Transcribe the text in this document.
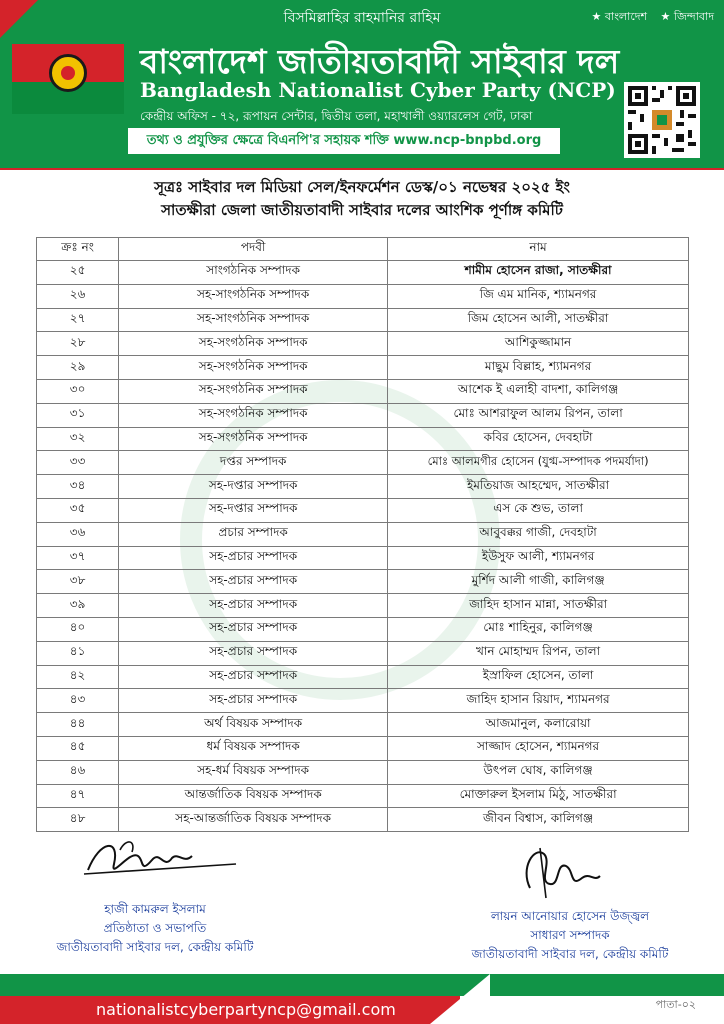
বিসমিল্লাহির রাহমানির রাহিম	★ বাংলাদেশ ★ জিন্দাবাদ
বাংলাদেশ জাতীয়তাবাদী সাইবার দল
Bangladesh Nationalist Cyber Party (NCP)
কেন্দ্রীয় অফিস - ৭২, রূপায়ন সেন্টার, দ্বিতীয় তলা, মহাখালী ওয়্যারলেস গেট, ঢাকা
তথ্য ও প্রযুক্তির ক্ষেত্রে বিএনপি'র সহায়ক শক্তি www.ncp-bnpbd.org
সূত্রঃ সাইবার দল মিডিয়া সেল/ইনফর্মেশন ডেস্ক/০১ নভেম্বর ২০২৫ ইং
সাতক্ষীরা জেলা জাতীয়তাবাদী সাইবার দলের আংশিক পূর্ণাঙ্গ কমিটি
ক্রঃ নং	পদবী	নাম
২৫	সাংগঠনিক সম্পাদক	শামীম হোসেন রাজা, সাতক্ষীরা
২৬	সহ-সাংগঠনিক সম্পাদক	জি এম মানিক, শ্যামনগর
২৭	সহ-সাংগঠনিক সম্পাদক	জিম হোসেন আলী, সাতক্ষীরা
২৮	সহ-সংগঠনিক সম্পাদক	আশিকুজ্জামান
২৯	সহ-সংগঠনিক সম্পাদক	মাছুম বিল্লাহ, শ্যামনগর
৩০	সহ-সংগঠনিক সম্পাদক	আশেক ই এলাহী বাদশা, কালিগঞ্জ
৩১	সহ-সংগঠনিক সম্পাদক	মোঃ আশরাফুল আলম রিপন, তালা
৩২	সহ-সংগঠনিক সম্পাদক	কবির হোসেন, দেবহাটা
৩৩	দপ্তর সম্পাদক	মোঃ আলমগীর হোসেন (যুগ্ম-সম্পাদক পদমর্যাদা)
৩৪	সহ-দপ্তার সম্পাদক	ইমতিয়াজ আহম্মেদ, সাতক্ষীরা
৩৫	সহ-দপ্তার সম্পাদক	এস কে শুভ, তালা
৩৬	প্রচার সম্পাদক	আবুবক্কর গাজী, দেবহাটা
৩৭	সহ-প্রচার সম্পাদক	ইউসুফ আলী, শ্যামনগর
৩৮	সহ-প্রচার সম্পাদক	মুর্শিদ আলী গাজী, কালিগঞ্জ
৩৯	সহ-প্রচার সম্পাদক	জাহিদ হাসান মান্না, সাতক্ষীরা
৪০	সহ-প্রচার সম্পাদক	মোঃ শাহিনুর, কালিগঞ্জ
৪১	সহ-প্রচার সম্পাদক	খান মোহাম্মদ রিপন, তালা
৪২	সহ-প্রচার সম্পাদক	ইস্রাফিল হোসেন, তালা
৪৩	সহ-প্রচার সম্পাদক	জাহিদ হাসান রিয়াদ, শ্যামনগর
৪৪	অর্থ বিষয়ক সম্পাদক	আজমানুল, কলারোয়া
৪৫	ধর্ম বিষয়ক সম্পাদক	সাজ্জাদ হোসেন, শ্যামনগর
৪৬	সহ-ধর্ম বিষয়ক সম্পাদক	উৎপল ঘোষ, কালিগঞ্জ
৪৭	আন্তর্জাতিক বিষয়ক সম্পাদক	মোক্তারুল ইসলাম মিঠু, সাতক্ষীরা
৪৮	সহ-আন্তর্জাতিক বিষয়ক সম্পাদক	জীবন বিশ্বাস, কালিগঞ্জ
হাজী কামরুল ইসলাম
প্রতিষ্ঠাতা ও সভাপতি
জাতীয়তাবাদী সাইবার দল, কেন্দ্রীয় কমিটি
লায়ন আনোয়ার হোসেন উজ্জ্বল
সাধারণ সম্পাদক
জাতীয়তাবাদী সাইবার দল, কেন্দ্রীয় কমিটি
nationalistcyberpartyncp@gmail.com	পাতা-০২
